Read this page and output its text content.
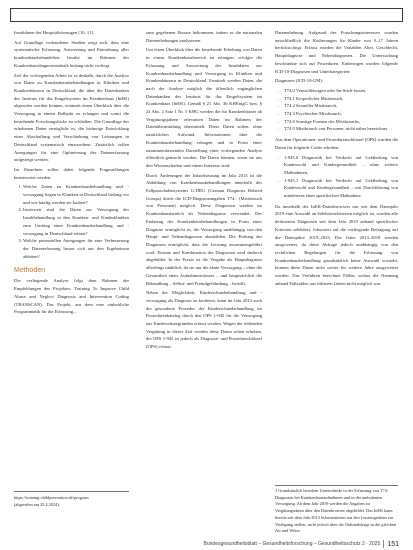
Insultdaten der Hospitalisierungen [10, 11].

Auf Grundlage vorhandener Studien zeigt sich, dass eine systematische Erfassung, Auswertung und Einordnung aller krankenhausbehandelten Insulte im Rahmen der Krankenhausdiagnosestatistik bislang nicht vorliegt.

Ziel der vorliegenden Arbeit ist es deshalb, durch die Analyse von Daten zu Krankenhausbehandlungen in Kliniken und Krankenhäusern in Deutschland, die über die Datenbanken des Instituts für das Entgeltsystem im Krankenhaus (InEK) abgerufen werden können, erstmals einen Überblick über die Versorgung in einem Halbjahr zu erlangen und somit die bestehende Forschungslücke zu schließen. Die Grundlage der erhobenen Daten ermöglicht es, die bisherige Entwicklung einer Abschaffung und Verschiebung von Leistungen in Deutschland systematisch einzuordnen. Zusätzlich sollen Anregungen für eine Optimierung der Datenerfassung aufgezeigt werden.

Im Einzelnen sollen dabei folgende Fragestellungen beantwortet werden:

1. Welche Daten zu Krankenhausbehandlung und -versorgung liegen in Kliniken in Deutschland bislang vor und wie häufig werden sie kodiert?
2. Inwieweit sind die Daten zur Versorgung der Insultbehandlung in den Kranken- und Kinderkliniken zum Umfang einer Krankenhausbehandlung und -versorgung in Deutschland erfasst?
3. Welche potenziellen Anregungen für eine Verbesserung der Datenerfassung lassen sich aus den Ergebnissen ableiten?
Methoden

Die vorliegende Analyse folgt dem Rahmen der Empfehlungen des Projektes, Training To Improve Child Abuse and Neglect Diagnosis and Intervention Coding (TRANSCAN). Das Projekt, aus dem eine einheitliche Programmatik für die Erfassung...

https://training-childprevention.de/program
(abgerufen am 25.2.2024).

zum gegebenen Einsatz bekommen, indem es die nationalen Datenerhebungen analysieren.

Um einen Überblick über die bestehende Erhebung von Daten in einem Krankenhausbereich zu erlangen, erfolgte die Erfassung und Auswertung der Insultdaten zur Krankenhausbehandlung und Versorgung in Kliniken und Krankenhäusern in Deutschland. Ermittelt werden Daten, die nach der Analyse möglich die öffentlich zugänglichen Datenbanken des Instituts für das Entgeltsystem im Krankenhaus (InEK). Gemäß § 21 Abs. 3b KHEntgG bzw. § 24 Abs. 2 Satz 1 Nr. 5 KHG werden die für Krankenhäuser ab Vergütungsjahren relevanten Daten im Rahmen der Datenübermittlung übermittelt. Diese Daten sollen, ohne zusätzlichen Aufwand, Informationen über die Krankenhausbehandlung erlangen und in Form einer zusammenfassenden Darstellung einer vorliegenden Analyse öffentlich gemacht werden. Die Daten können, wenn sie aus den Wissenschaften und einem Interesse sind.

Durch Änderungen der Inkraftsetzung im Jahr 2013 ist die Abbildung von Krankenhausbehandlungen innerhalb des Fallpauschalensystems G-DRG (German Diagnosis Related Groups) durch die ICD-Diagnoseangaben T74.- (Missbrauch von Personen) möglich. Diese Diagnosen werden im Krankenhausbereich als Nebendiagnose verwendet. Der Einbezug der Krankenhausbehandlungen in Form einer Diagnose ermöglicht es, die Versorgung unabhängig von den Haupt- und Nebendiagnosen abzubilden. Die Prüfung der Diagnosen ermöglicht, dass die Leistung zusammengeführt wird. Einsatz und Kombination der Diagnosen wird dadurch abgebildet. In der Praxis ist die Vergabe als Hauptdiagnose allerdings unüblich, da sie nur die akute Versorgung – ohne die Gesamtheit eines Aufnahmeanlasses – und hauptsächlich die Behandlung – Selbst- und Fremdgefährdung – betrifft.

Neben der Möglichkeit, Kinderschutzbehandlung und -versorgung als Diagnose zu kodieren, kann im Jahr 2013 auch die gesonderte Prozedur der Kinderschutzbehandlung im Prozedurenkatalog durch den OPS 1-945 für die Versorgung aus Kinderschutzgründen erfasst werden. Wegen der fehlenden Vergütung in dieser Zeit werden diese Daten selten erhoben, die OPS 1-945 ist jedoch als Diagnose- und Prozedurschlüssel (OPS) erfasst.

Datenerhebung. Aufgrund des Forschungsinteresses wurden ausschließlich die Kodierungen für Kinder von 0–17 Jahren berücksichtigt. Erfasst wurden die Variablen Alter, Geschlecht, Hauptdiagnose und Nebendiagnosen. Die Untersuchung beschränkte sich auf Prozeduren. Einbezogen wurden folgende ICD-10-Diagnosen und Unterkategorien:

Diagnosen (ICD-10-GM):

– T74.0 Vernachlässigen oder Im-Stich-lassen,
– T74.1 Körperlicher Missbrauch,
– T74.2 Sexueller Missbrauch,
– T74.3 Psychischer Missbrauch,
– T74.8 Sonstige Formen des Missbrauchs,
– T74.9 Missbrauch von Personen, nicht näher bezeichnet.

Aus dem Operationen- und Prozedurenschlüssel (OPS) wurden die Daten für folgende Codes erhoben:

– 1-945.0 Diagnostik bei Verdacht auf Gefährdung von Kindeswohl und Kindergesundheit – ohne weitere Maßnahmen,
– 1-945.1 Diagnostik bei Verdacht auf Gefährdung von Kindeswohl und Kindergesundheit – mit Durchführung von mindestens einer spezifischen Maßnahme.

Da innerhalb des InEK-Datenbrowsers nur seit dem Datenjahr 2019 eine Auswahl an Selektionskriterien möglich ist, wurden alle definierten Diagnosen seit dem Jahr 2019 anhand spezifischer Kriterien selektiert, fokussiert auf die vorliegende Befragung auf die Datenjahre 2019–2023. Die Jahre 2013–2018 werden ausgewertet, da diese Abfrage jedoch unabhängig von den rechtlichen Regelungen für die Erfassung von Krankenhausbehandlung grundsätzlich keine Auswahl vorsieht, können diese Daten nicht weiter für weitere Jahre ausgewertet werden. Das Verfahren berechnet Fällen, sodass die Nennung anhand Fallzahlen aus früheren Jahren nicht möglich war.

1 Grundsätzlich bestehen Unterschiede in der Erfassung von T74-Diagnosen bei Krankenhausaufnahmen und in der ambulanten Versorgung. Ab dem Jahr 2019 werden die Angaben zu Vergütungsdaten über den Datenbrowser abgebildet. Das InEK kann bereits seit dem Jahr 2013 Informationen aus den Leistungsdaten zur Verfügung stellen, nicht jedoch über die Onlineabfrage in der gleichen Art und Weise.
Bundesgesundheitsblatt – Gesundheitsforschung – Gesundheitsschutz 2 · 2025 151
